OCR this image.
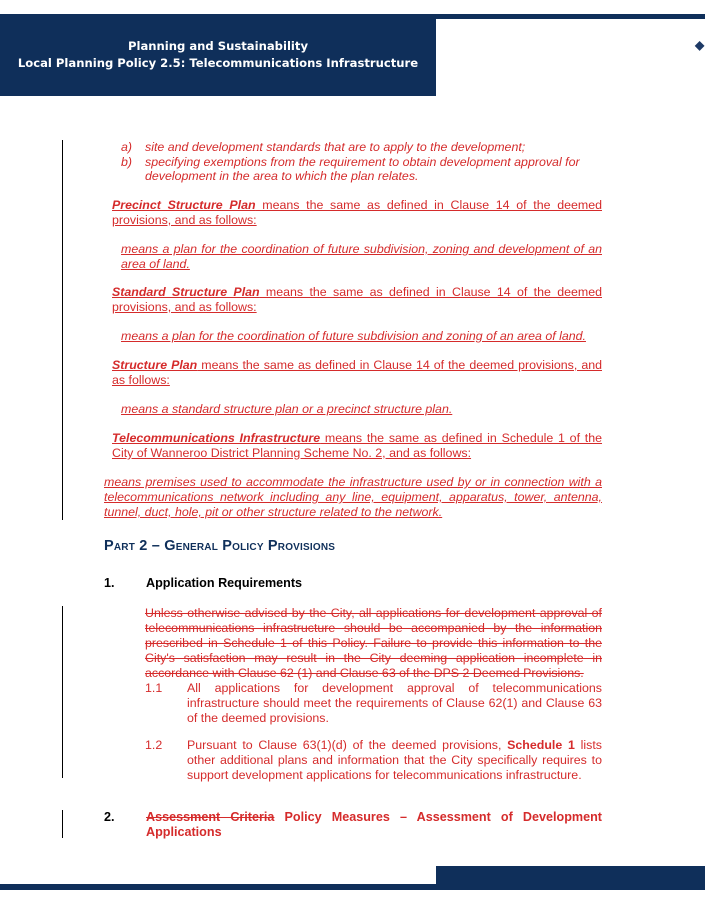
Planning and Sustainability
Local Planning Policy 2.5: Telecommunications Infrastructure
◆
a) site and development standards that are to apply to the development;
b) specifying exemptions from the requirement to obtain development approval for development in the area to which the plan relates.
Precinct Structure Plan means the same as defined in Clause 14 of the deemed provisions, and as follows:
means a plan for the coordination of future subdivision, zoning and development of an area of land.
Standard Structure Plan means the same as defined in Clause 14 of the deemed provisions, and as follows:
means a plan for the coordination of future subdivision and zoning of an area of land.
Structure Plan means the same as defined in Clause 14 of the deemed provisions, and as follows:
means a standard structure plan or a precinct structure plan.
Telecommunications Infrastructure means the same as defined in Schedule 1 of the City of Wanneroo District Planning Scheme No. 2, and as follows:
means premises used to accommodate the infrastructure used by or in connection with a telecommunications network including any line, equipment, apparatus, tower, antenna, tunnel, duct, hole, pit or other structure related to the network.
Part 2 – General Policy Provisions
1. Application Requirements
Unless otherwise advised by the City, all applications for development approval of telecommunications infrastructure should be accompanied by the information prescribed in Schedule 1 of this Policy. Failure to provide this information to the City's satisfaction may result in the City deeming application incomplete in accordance with Clause 62 (1) and Clause 63 of the DPS 2 Deemed Provisions.
1.1 All applications for development approval of telecommunications infrastructure should meet the requirements of Clause 62(1) and Clause 63 of the deemed provisions.
1.2 Pursuant to Clause 63(1)(d) of the deemed provisions, Schedule 1 lists other additional plans and information that the City specifically requires to support development applications for telecommunications infrastructure.
2. Assessment Criteria Policy Measures – Assessment of Development Applications
